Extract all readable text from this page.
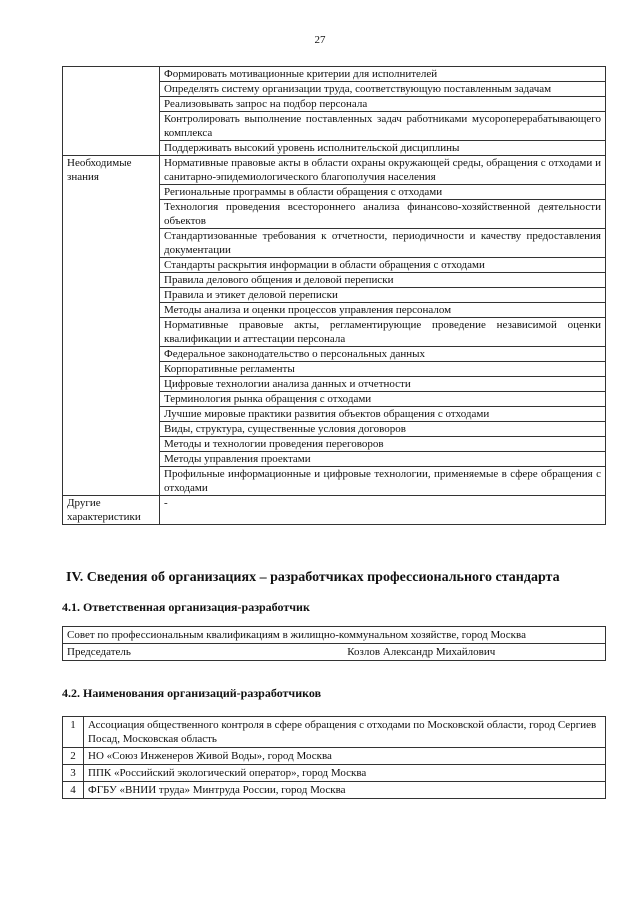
27
	Формировать мотивационные критерии для исполнителей
	Определять систему организации труда, соответствующую поставленным задачам
	Реализовывать запрос на подбор персонала
	Контролировать выполнение поставленных задач работниками мусороперерабатывающего комплекса
	Поддерживать высокий уровень исполнительской дисциплины
Необходимые знания	Нормативные правовые акты в области охраны окружающей среды, обращения с отходами и санитарно-эпидемиологического благополучия населения
	Региональные программы в области обращения с отходами
	Технология проведения всестороннего анализа финансово-хозяйственной деятельности объектов
	Стандартизованные требования к отчетности, периодичности и качеству предоставления документации
	Стандарты раскрытия информации в области обращения с отходами
	Правила делового общения и деловой переписки
	Правила и этикет деловой переписки
	Методы анализа и оценки процессов управления персоналом
	Нормативные правовые акты, регламентирующие проведение независимой оценки квалификации и аттестации персонала
	Федеральное законодательство о персональных данных
	Корпоративные регламенты
	Цифровые технологии анализа данных и отчетности
	Терминология рынка обращения с отходами
	Лучшие мировые практики развития объектов обращения с отходами
	Виды, структура, существенные условия договоров
	Методы и технологии проведения переговоров
	Методы управления проектами
	Профильные информационные и цифровые технологии, применяемые в сфере обращения с отходами
Другие характеристики	-
IV. Сведения об организациях – разработчиках профессионального стандарта
4.1. Ответственная организация-разработчик
Совет по профессиональным квалификациям в жилищно-коммунальном хозяйстве, город Москва
Председатель	Козлов Александр Михайлович
4.2. Наименования организаций-разработчиков
1	Ассоциация общественного контроля в сфере обращения с отходами по Московской области, город Сергиев Посад, Московская область
2	НО «Союз Инженеров Живой Воды», город Москва
3	ППК «Российский экологический оператор», город Москва
4	ФГБУ «ВНИИ труда» Минтруда России, город Москва
